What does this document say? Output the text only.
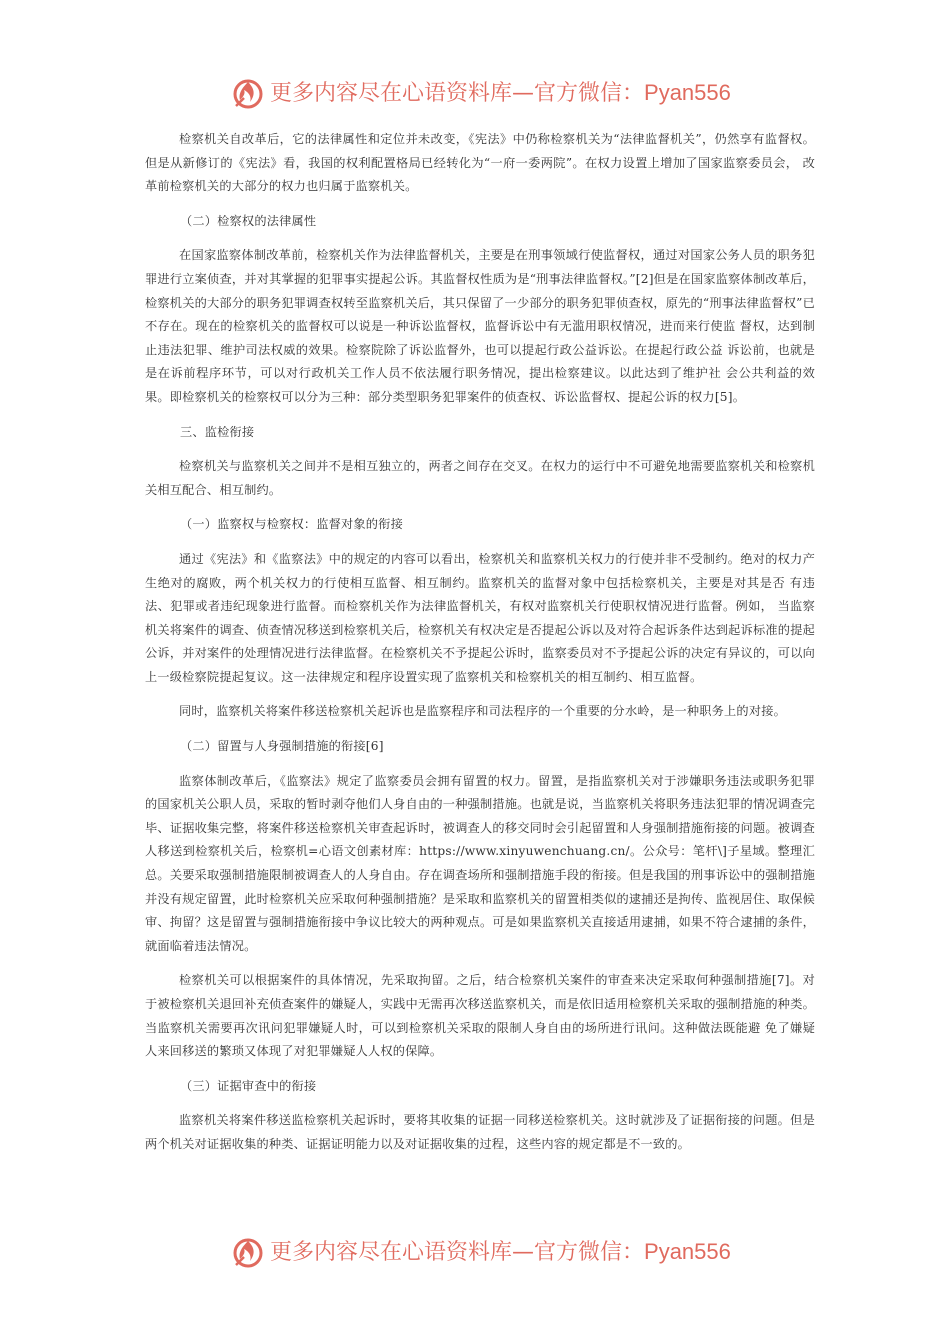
更多内容尽在心语资料库—官方微信：Pyan556

检察机关自改革后，它的法律属性和定位并未改变，《宪法》中仍称检察机关为“法律监督机关”，仍然享有监督权。但是从新修订的《宪法》看，我国的权利配置格局已经转化为“一府一委两院”。在权力设置上增加了国家监察委员会， 改革前检察机关的大部分的权力也归属于监察机关。

（二）检察权的法律属性

在国家监察体制改革前，检察机关作为法律监督机关，主要是在刑事领域行使监督权，通过对国家公务人员的职务犯罪进行立案侦查，并对其掌握的犯罪事实提起公诉。其监督权性质为是“刑事法律监督权。”[2]但是在国家监察体制改革后，检察机关的大部分的职务犯罪调查权转至监察机关后，其只保留了一少部分的职务犯罪侦查权，原先的“刑事法律监督权”已不存在。现在的检察机关的监督权可以说是一种诉讼监督权，监督诉讼中有无滥用职权情况，进而来行使监 督权，达到制止违法犯罪、维护司法权威的效果。检察院除了诉讼监督外，也可以提起行政公益诉讼。在提起行政公益 诉讼前，也就是是在诉前程序环节，可以对行政机关工作人员不依法履行职务情况，提出检察建议。以此达到了维护社 会公共利益的效果。即检察机关的检察权可以分为三种：部分类型职务犯罪案件的侦查权、诉讼监督权、提起公诉的权力[5]。

三、监检衔接

检察机关与监察机关之间并不是相互独立的，两者之间存在交叉。在权力的运行中不可避免地需要监察机关和检察机关相互配合、相互制约。

（一）监察权与检察权：监督对象的衔接

通过《宪法》和《监察法》中的规定的内容可以看出，检察机关和监察机关权力的行使并非不受制约。绝对的权力产生绝对的腐败，两个机关权力的行使相互监督、相互制约。监察机关的监督对象中包括检察机关，主要是对其是否 有违法、犯罪或者违纪现象进行监督。而检察机关作为法律监督机关，有权对监察机关行使职权情况进行监督。例如， 当监察机关将案件的调查、侦查情况移送到检察机关后，检察机关有权决定是否提起公诉以及对符合起诉条件达到起诉标准的提起公诉，并对案件的处理情况进行法律监督。在检察机关不予提起公诉时，监察委员对不予提起公诉的决定有异议的，可以向上一级检察院提起复议。这一法律规定和程序设置实现了监察机关和检察机关的相互制约、相互监督。

同时，监察机关将案件移送检察机关起诉也是监察程序和司法程序的一个重要的分水岭，是一种职务上的对接。

（二）留置与人身强制措施的衔接[6]

监察体制改革后，《监察法》规定了监察委员会拥有留置的权力。留置，是指监察机关对于涉嫌职务违法或职务犯罪的国家机关公职人员，采取的暂时剥夺他们人身自由的一种强制措施。也就是说，当监察机关将职务违法犯罪的情况调查完毕、证据收集完整，将案件移送检察机关审查起诉时，被调查人的移交同时会引起留置和人身强制措施衔接的问题。被调查人移送到检察机关后，检察机=心语文创素材库：https://www.xinyuwenchuang.cn/。公众号：笔杆\]子星域。整理汇总。关要采取强制措施限制被调查人的人身自由。存在调查场所和强制措施手段的衔接。但是我国的刑事诉讼中的强制措施并没有规定留置，此时检察机关应采取何种强制措施？是采取和监察机关的留置相类似的逮捕还是拘传、监视居住、取保候审、拘留？这是留置与强制措施衔接中争议比较大的两种观点。可是如果监察机关直接适用逮捕，如果不符合逮捕的条件，就面临着违法情况。

检察机关可以根据案件的具体情况，先采取拘留。之后，结合检察机关案件的审查来决定采取何种强制措施[7]。对于被检察机关退回补充侦查案件的嫌疑人，实践中无需再次移送监察机关，而是依旧适用检察机关采取的强制措施的种类。当监察机关需要再次讯问犯罪嫌疑人时，可以到检察机关采取的限制人身自由的场所进行讯问。这种做法既能避 免了嫌疑人来回移送的繁琐又体现了对犯罪嫌疑人人权的保障。

（三）证据审查中的衔接

监察机关将案件移送监检察机关起诉时，要将其收集的证据一同移送检察机关。这时就涉及了证据衔接的问题。但是两个机关对证据收集的种类、证据证明能力以及对证据收集的过程，这些内容的规定都是不一致的。

更多内容尽在心语资料库—官方微信：Pyan556
